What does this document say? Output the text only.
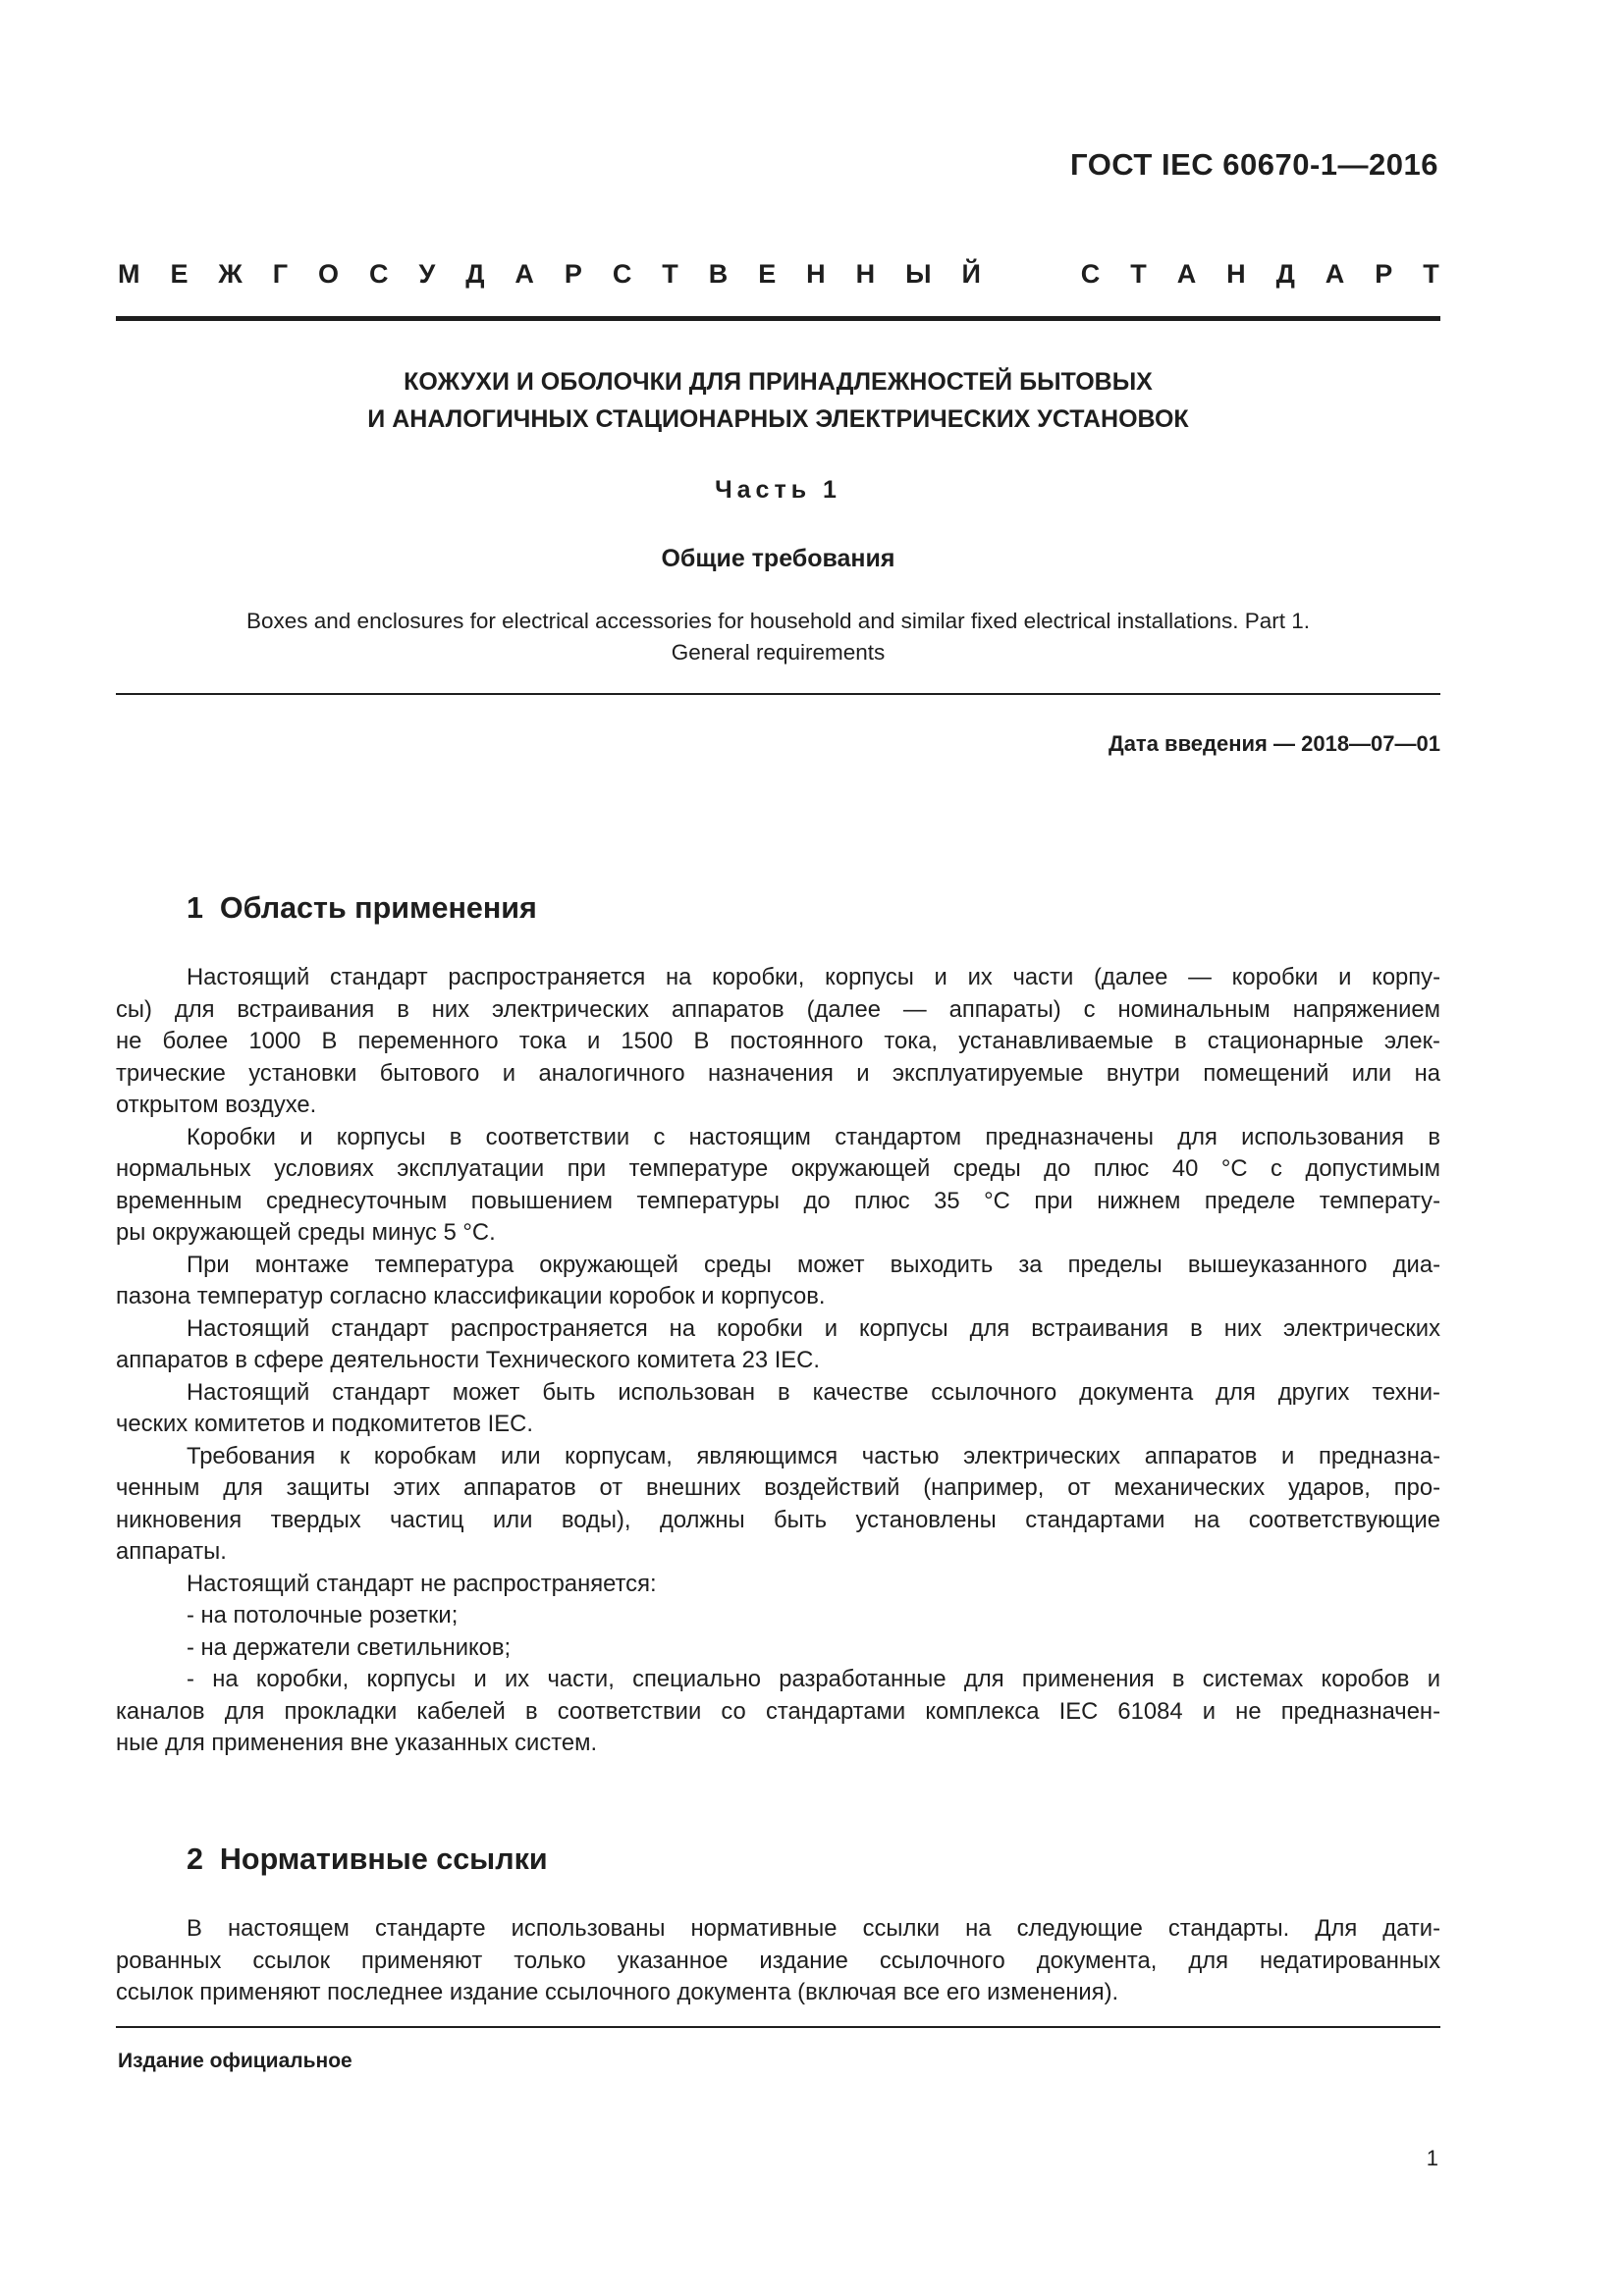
ГОСТ IEC 60670-1—2016
М Е Ж Г О С У Д А Р С Т В Е Н Н Ы Й	С Т А Н Д А Р Т
КОЖУХИ И ОБОЛОЧКИ ДЛЯ ПРИНАДЛЕЖНОСТЕЙ БЫТОВЫХ
И АНАЛОГИЧНЫХ СТАЦИОНАРНЫХ ЭЛЕКТРИЧЕСКИХ УСТАНОВОК
Часть 1
Общие требования
Boxes and enclosures for electrical accessories for household and similar fixed electrical installations. Part 1.
General requirements
Дата введения — 2018—07—01
1  Область применения
Настоящий стандарт распространяется на коробки, корпусы и их части (далее — коробки и корпу-
сы) для встраивания в них электрических аппаратов (далее — аппараты) с номинальным напряжением
не более 1000 В переменного тока и 1500 В постоянного тока, устанавливаемые в стационарные элек-
трические установки бытового и аналогичного назначения и эксплуатируемые внутри помещений или на
открытом воздухе.
Коробки и корпусы в соответствии с настоящим стандартом предназначены для использования в
нормальных условиях эксплуатации при температуре окружающей среды до плюс 40 °С с допустимым
временным среднесуточным повышением температуры до плюс 35 °С при нижнем пределе температу-
ры окружающей среды минус 5 °С.
При монтаже температура окружающей среды может выходить за пределы вышеуказанного диа-
пазона температур согласно классификации коробок и корпусов.
Настоящий стандарт распространяется на коробки и корпусы для встраивания в них электрических
аппаратов в сфере деятельности Технического комитета 23 IEC.
Настоящий стандарт может быть использован в качестве ссылочного документа для других техни-
ческих комитетов и подкомитетов IEC.
Требования к коробкам или корпусам, являющимся частью электрических аппаратов и предназна-
ченным для защиты этих аппаратов от внешних воздействий (например, от механических ударов, про-
никновения твердых частиц или воды), должны быть установлены стандартами на соответствующие
аппараты.
Настоящий стандарт не распространяется:
- на потолочные розетки;
- на держатели светильников;
- на коробки, корпусы и их части, специально разработанные для применения в системах коробов и
каналов для прокладки кабелей в соответствии со стандартами комплекса IEC 61084 и не предназначен-
ные для применения вне указанных систем.
2  Нормативные ссылки
В настоящем стандарте использованы нормативные ссылки на следующие стандарты. Для дати-
рованных ссылок применяют только указанное издание ссылочного документа, для недатированных
ссылок применяют последнее издание ссылочного документа (включая все его изменения).
Издание официальное
1
